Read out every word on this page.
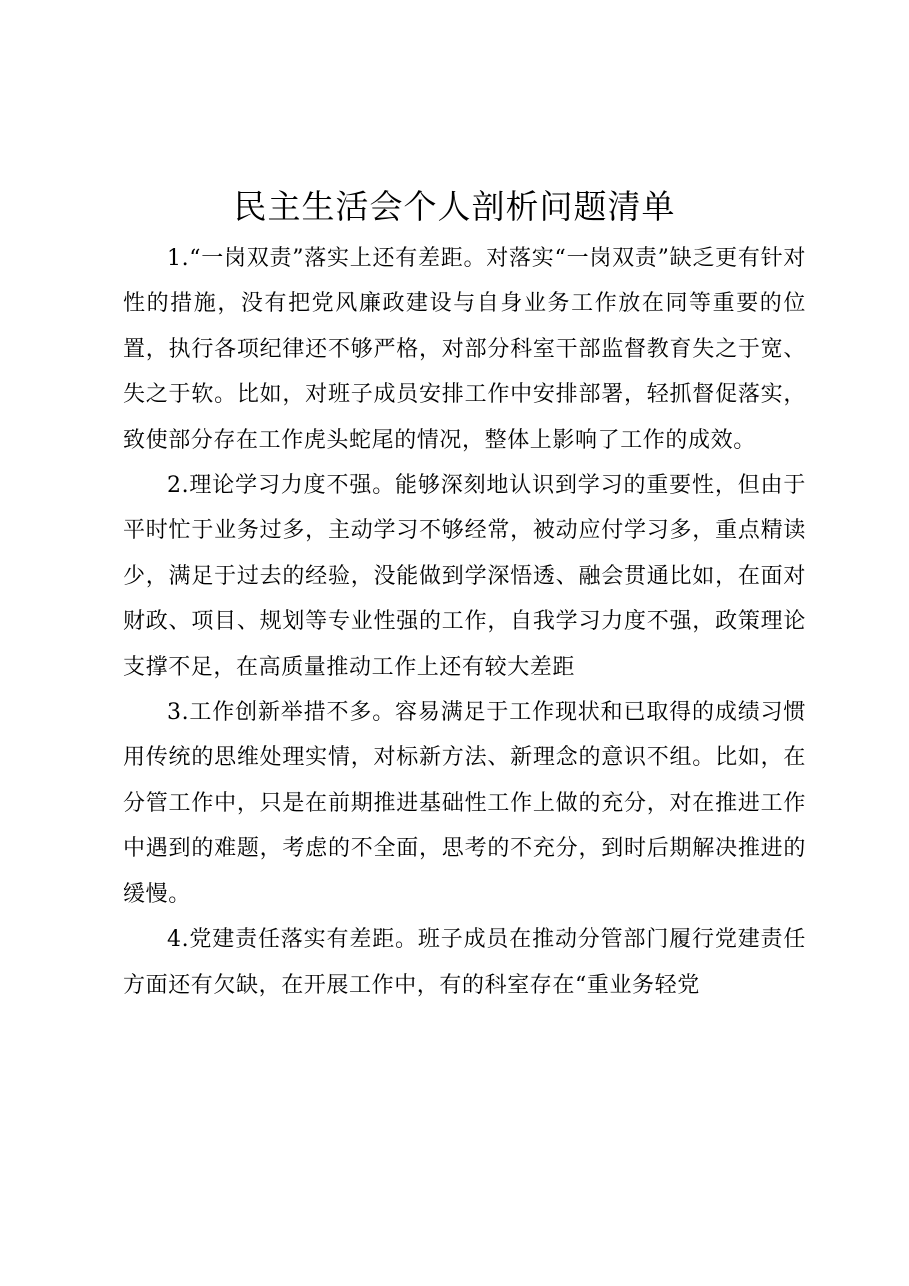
民主生活会个人剖析问题清单

1.“一岗双责”落实上还有差距。对落实“一岗双责”缺乏更有针对性的措施，没有把党风廉政建设与自身业务工作放在同等重要的位置，执行各项纪律还不够严格，对部分科室干部监督教育失之于宽、失之于软。比如，对班子成员安排工作中安排部署，轻抓督促落实，致使部分存在工作虎头蛇尾的情况，整体上影响了工作的成效。

2.理论学习力度不强。能够深刻地认识到学习的重要性，但由于平时忙于业务过多，主动学习不够经常，被动应付学习多，重点精读少，满足于过去的经验，没能做到学深悟透、融会贯通比如，在面对财政、项目、规划等专业性强的工作，自我学习力度不强，政策理论支撑不足，在高质量推动工作上还有较大差距

3.工作创新举措不多。容易满足于工作现状和已取得的成绩习惯用传统的思维处理实情，对标新方法、新理念的意识不组。比如，在分管工作中，只是在前期推进基础性工作上做的充分，对在推进工作中遇到的难题，考虑的不全面，思考的不充分，到时后期解决推进的缓慢。

4.党建责任落实有差距。班子成员在推动分管部门履行党建责任方面还有欠缺，在开展工作中，有的科室存在“重业务轻党
